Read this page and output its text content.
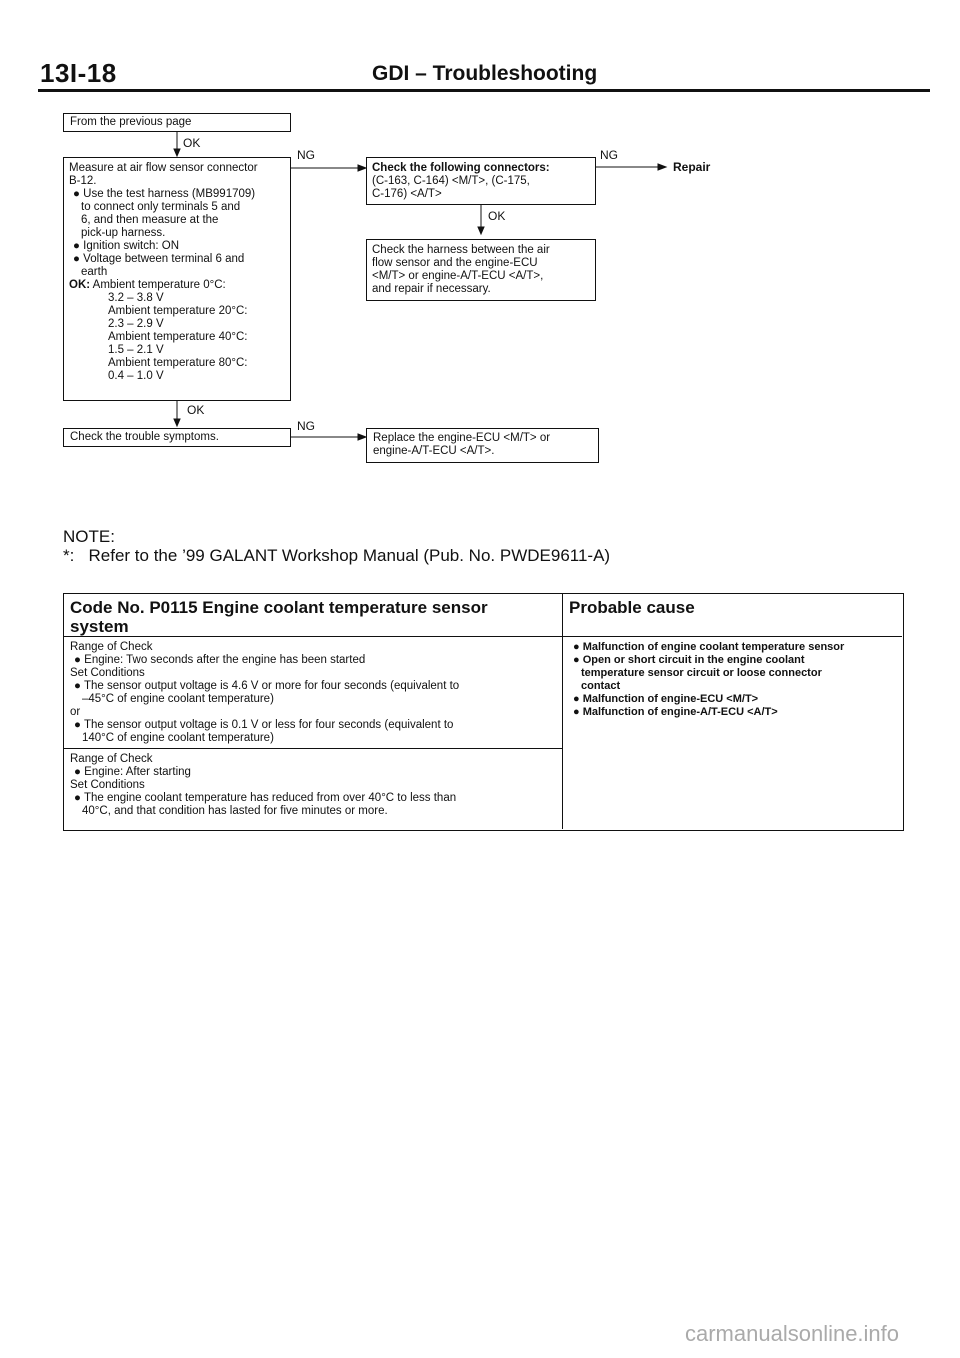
13I-18	GDI – Troubleshooting
From the previous page
OK
Measure at air flow sensor connector
B-12.
● Use the test harness (MB991709)
to connect only terminals 5 and
6, and then measure at the
pick-up harness.
● Ignition switch: ON
● Voltage between terminal 6 and
earth
OK: Ambient temperature 0°C:
3.2 – 3.8 V
Ambient temperature 20°C:
2.3 – 2.9 V
Ambient temperature 40°C:
1.5 – 2.1 V
Ambient temperature 80°C:
0.4 – 1.0 V
NG
Check the following connectors:
(C-163, C-164) <M/T>, (C-175,
C-176) <A/T>
NG
Repair
OK
Check the harness between the air
flow sensor and the engine-ECU
<M/T> or engine-A/T-ECU <A/T>,
and repair if necessary.
OK
Check the trouble symptoms.
NG
Replace the engine-ECU <M/T> or
engine-A/T-ECU <A/T>.
NOTE:
*: Refer to the ’99 GALANT Workshop Manual (Pub. No. PWDE9611-A)
Code No. P0115 Engine coolant temperature sensor
system
Probable cause
Range of Check
● Engine: Two seconds after the engine has been started
Set Conditions
● The sensor output voltage is 4.6 V or more for four seconds (equivalent to
–45°C of engine coolant temperature)
or
● The sensor output voltage is 0.1 V or less for four seconds (equivalent to
140°C of engine coolant temperature)
Range of Check
● Engine: After starting
Set Conditions
● The engine coolant temperature has reduced from over 40°C to less than
40°C, and that condition has lasted for five minutes or more.
● Malfunction of engine coolant temperature sensor
● Open or short circuit in the engine coolant
temperature sensor circuit or loose connector
contact
● Malfunction of engine-ECU <M/T>
● Malfunction of engine-A/T-ECU <A/T>
carmanualsonline.info
